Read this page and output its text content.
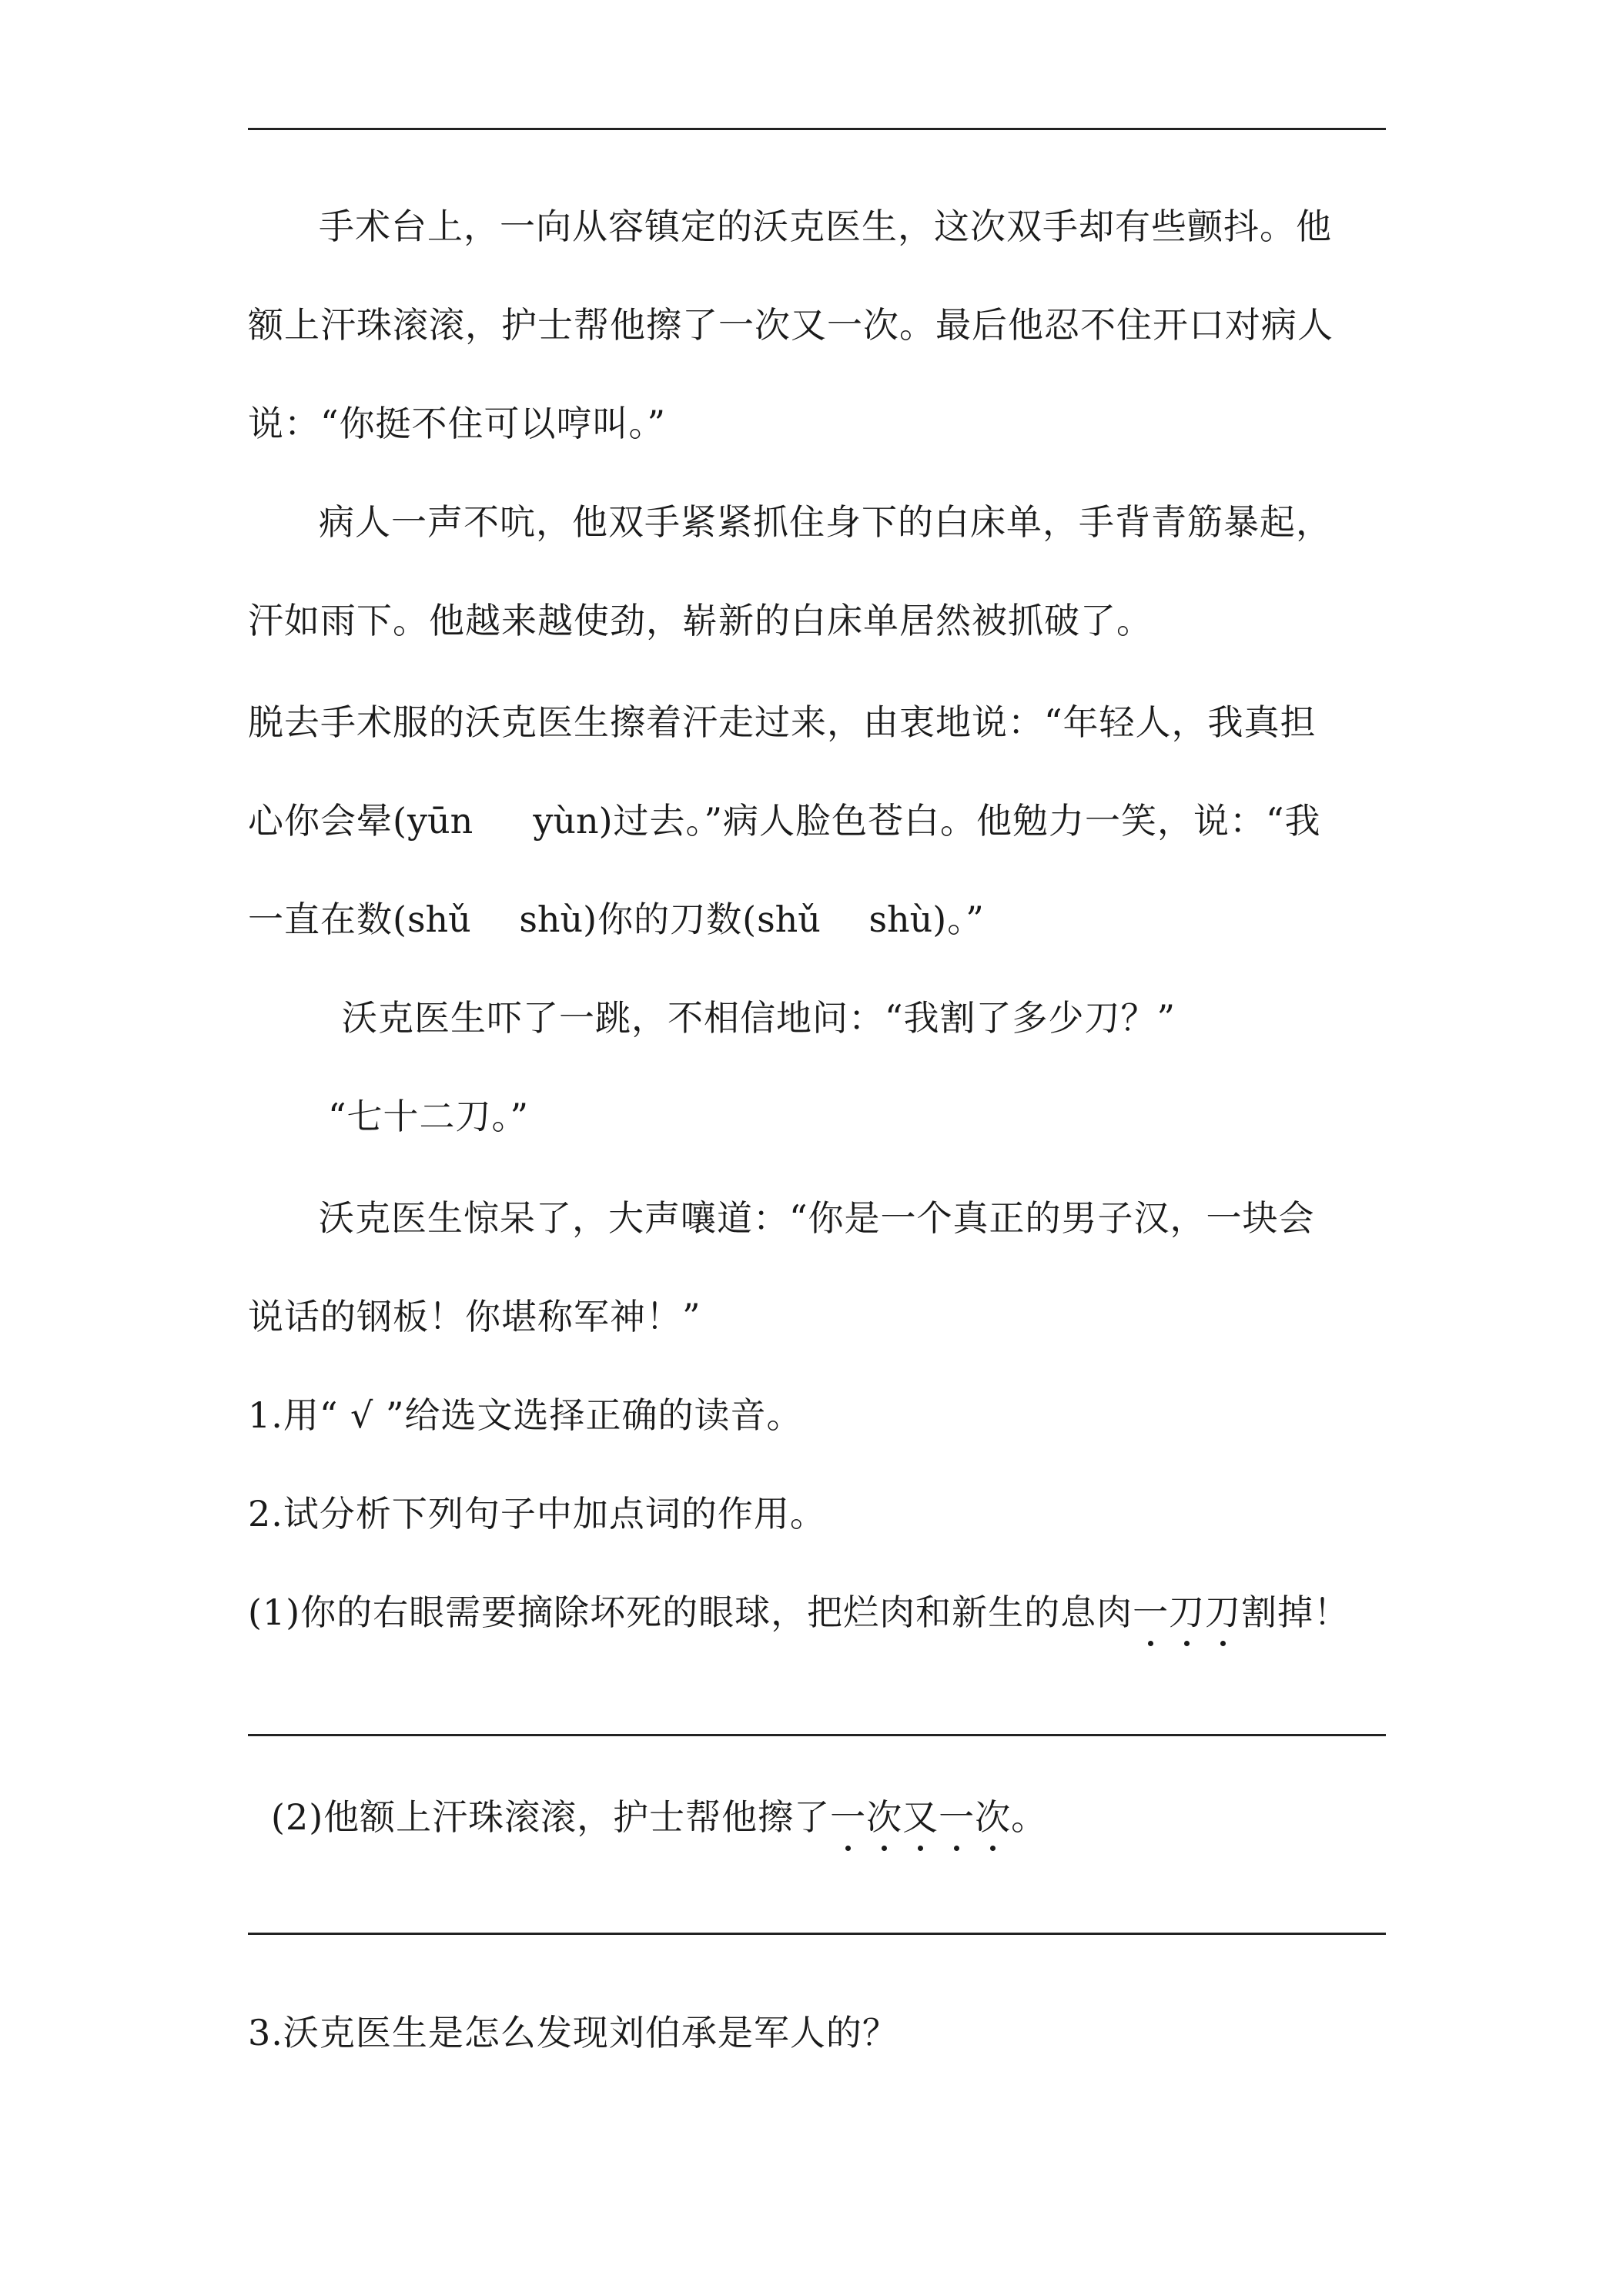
手术台上，一向从容镇定的沃克医生，这次双手却有些颤抖。他
额上汗珠滚滚，护士帮他擦了一次又一次。最后他忍不住开口对病人
说：“你挺不住可以哼叫。”
病人一声不吭，他双手紧紧抓住身下的白床单，手背青筋暴起，
汗如雨下。他越来越使劲，崭新的白床单居然被抓破了。
脱去手术服的沃克医生擦着汗走过来，由衷地说：“年轻人，我真担
心你会晕(yūn yùn)过去。”病人脸色苍白。他勉力一笑，说：“我
一直在数(shǔ shù)你的刀数(shǔ shù)。”
沃克医生吓了一跳，不相信地问：“我割了多少刀？”
“七十二刀。”
沃克医生惊呆了，大声嚷道：“你是一个真正的男子汉，一块会
说话的钢板！你堪称军神！”
1.用“ √ ”给选文选择正确的读音。
2.试分析下列句子中加点词的作用。
(1)你的右眼需要摘除坏死的眼球，把烂肉和新生的息肉一刀刀割掉！
(2)他额上汗珠滚滚，护士帮他擦了一次又一次。
3.沃克医生是怎么发现刘伯承是军人的？
